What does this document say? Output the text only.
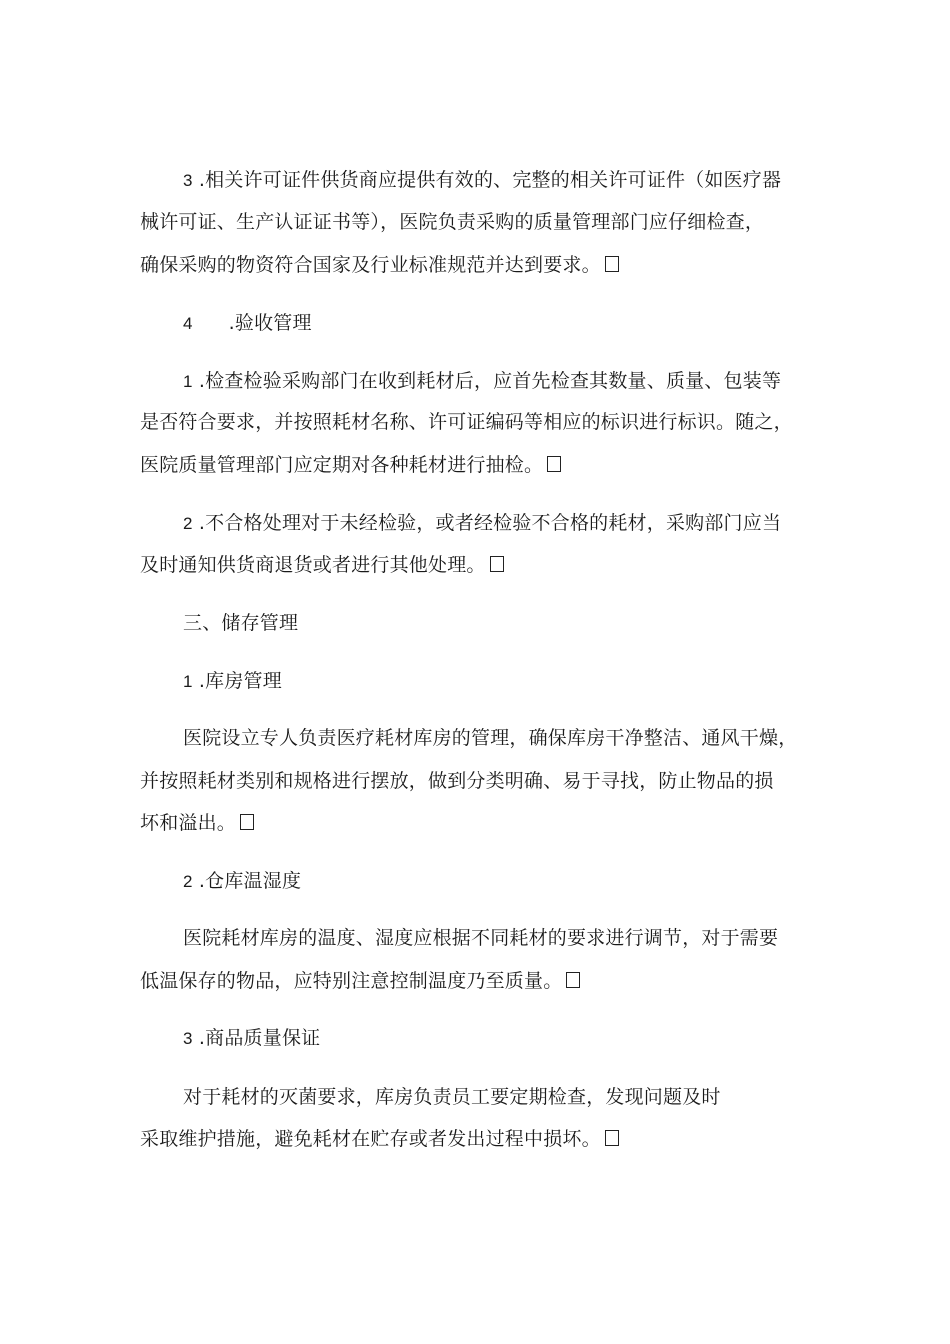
3 .相关许可证件供货商应提供有效的、完整的相关许可证件（如医疗器
械许可证、生产认证证书等），医院负责采购的质量管理部门应仔细检查，
确保采购的物资符合国家及行业标准规范并达到要求。
4 .验收管理
1 .检查检验采购部门在收到耗材后，应首先检查其数量、质量、包装等
是否符合要求，并按照耗材名称、许可证编码等相应的标识进行标识。随之，
医院质量管理部门应定期对各种耗材进行抽检。
2 .不合格处理对于未经检验，或者经检验不合格的耗材，采购部门应当
及时通知供货商退货或者进行其他处理。
三、储存管理
1 .库房管理
医院设立专人负责医疗耗材库房的管理，确保库房干净整洁、通风干燥，
并按照耗材类别和规格进行摆放，做到分类明确、易于寻找，防止物品的损
坏和溢出。
2 .仓库温湿度
医院耗材库房的温度、湿度应根据不同耗材的要求进行调节，对于需要
低温保存的物品，应特别注意控制温度乃至质量。
3 .商品质量保证
对于耗材的灭菌要求，库房负责员工要定期检查，发现问题及时
采取维护措施，避免耗材在贮存或者发出过程中损坏。
